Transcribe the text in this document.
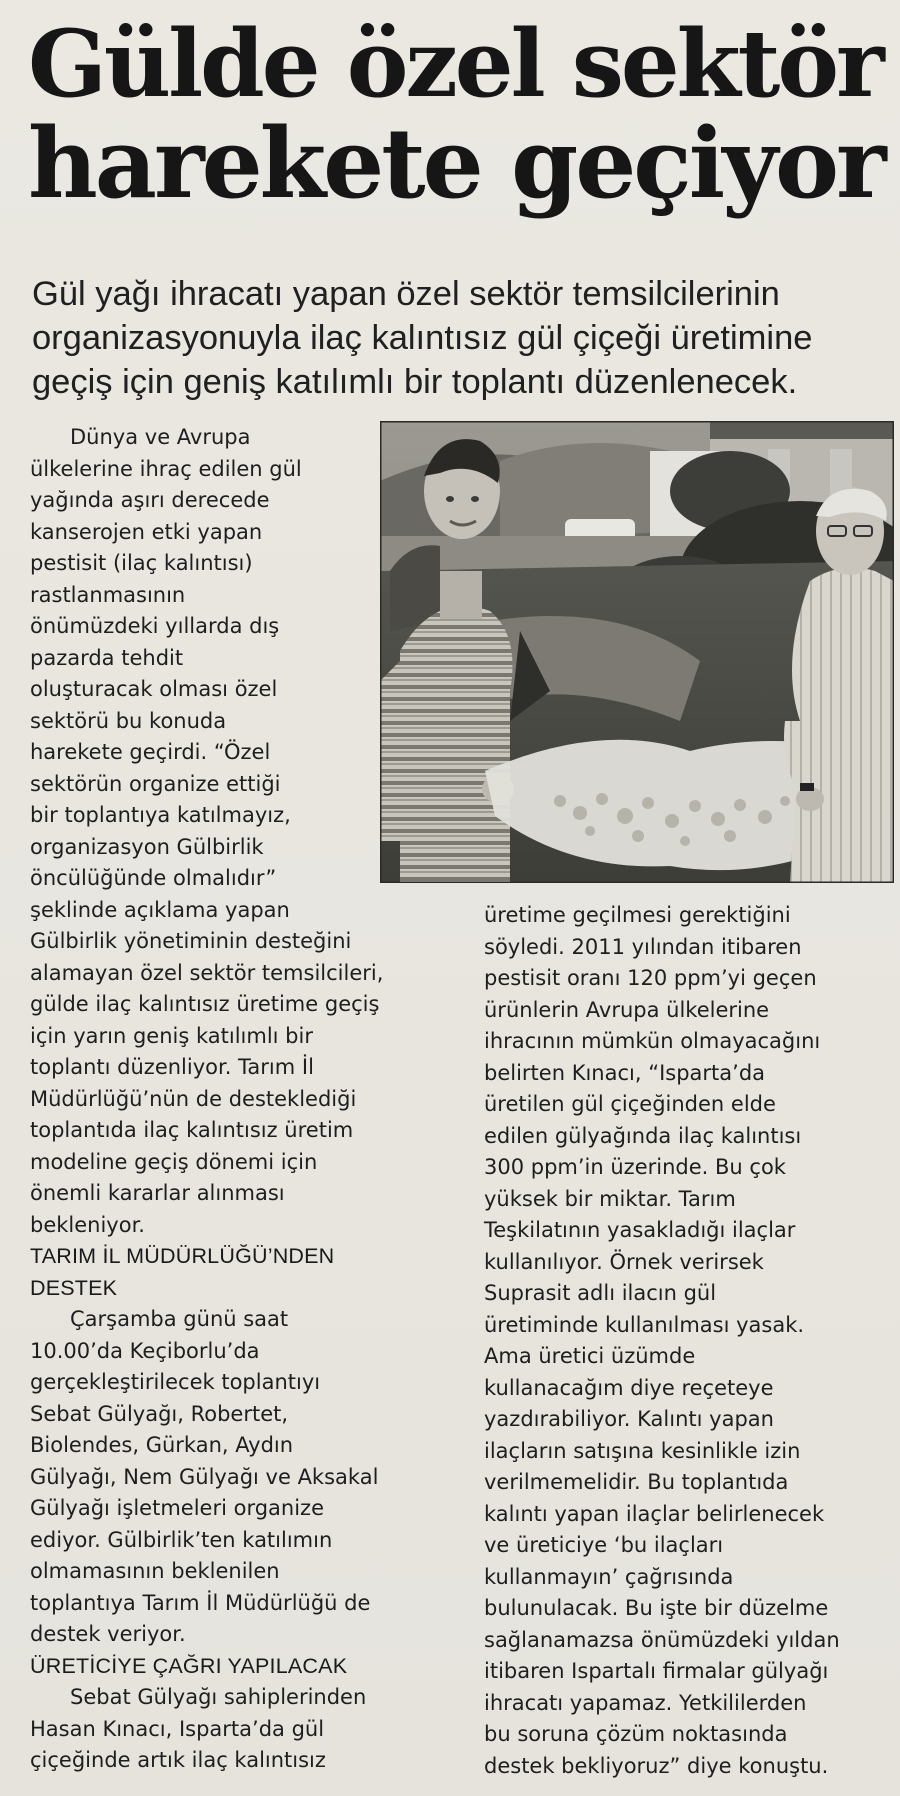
Gülde özel sektör
harekete geçiyor

Gül yağı ihracatı yapan özel sektör temsilcilerinin
organizasyonuyla ilaç kalıntısız gül çiçeği üretimine
geçiş için geniş katılımlı bir toplantı düzenlenecek.

Dünya ve Avrupa
ülkelerine ihraç edilen gül
yağında aşırı derecede
kanserojen etki yapan
pestisit (ilaç kalıntısı)
rastlanmasının
önümüzdeki yıllarda dış
pazarda tehdit
oluşturacak olması özel
sektörü bu konuda
harekete geçirdi. “Özel
sektörün organize ettiği
bir toplantıya katılmayız,
organizasyon Gülbirlik
öncülüğünde olmalıdır”
şeklinde açıklama yapan
Gülbirlik yönetiminin desteğini
alamayan özel sektör temsilcileri,
gülde ilaç kalıntısız üretime geçiş
için yarın geniş katılımlı bir
toplantı düzenliyor. Tarım İl
Müdürlüğü’nün de desteklediği
toplantıda ilaç kalıntısız üretim
modeline geçiş dönemi için
önemli kararlar alınması
bekleniyor.
TARIM İL MÜDÜRLÜĞÜ’NDEN
DESTEK
Çarşamba günü saat
10.00’da Keçiborlu’da
gerçekleştirilecek toplantıyı
Sebat Gülyağı, Robertet,
Biolendes, Gürkan, Aydın
Gülyağı, Nem Gülyağı ve Aksakal
Gülyağı işletmeleri organize
ediyor. Gülbirlik’ten katılımın
olmamasının beklenilen
toplantıya Tarım İl Müdürlüğü de
destek veriyor.
ÜRETİCİYE ÇAĞRI YAPILACAK
Sebat Gülyağı sahiplerinden
Hasan Kınacı, Isparta’da gül
çiçeğinde artık ilaç kalıntısız
üretime geçilmesi gerektiğini
söyledi. 2011 yılından itibaren
pestisit oranı 120 ppm’yi geçen
ürünlerin Avrupa ülkelerine
ihracının mümkün olmayacağını
belirten Kınacı, “Isparta’da
üretilen gül çiçeğinden elde
edilen gülyağında ilaç kalıntısı
300 ppm’in üzerinde. Bu çok
yüksek bir miktar. Tarım
Teşkilatının yasakladığı ilaçlar
kullanılıyor. Örnek verirsek
Suprasit adlı ilacın gül
üretiminde kullanılması yasak.
Ama üretici üzümde
kullanacağım diye reçeteye
yazdırabiliyor. Kalıntı yapan
ilaçların satışına kesinlikle izin
verilmemelidir. Bu toplantıda
kalıntı yapan ilaçlar belirlenecek
ve üreticiye ‘bu ilaçları
kullanmayın’ çağrısında
bulunulacak. Bu işte bir düzelme
sağlanamazsa önümüzdeki yıldan
itibaren Ispartalı firmalar gülyağı
ihracatı yapamaz. Yetkililerden
bu soruna çözüm noktasında
destek bekliyoruz” diye konuştu.
